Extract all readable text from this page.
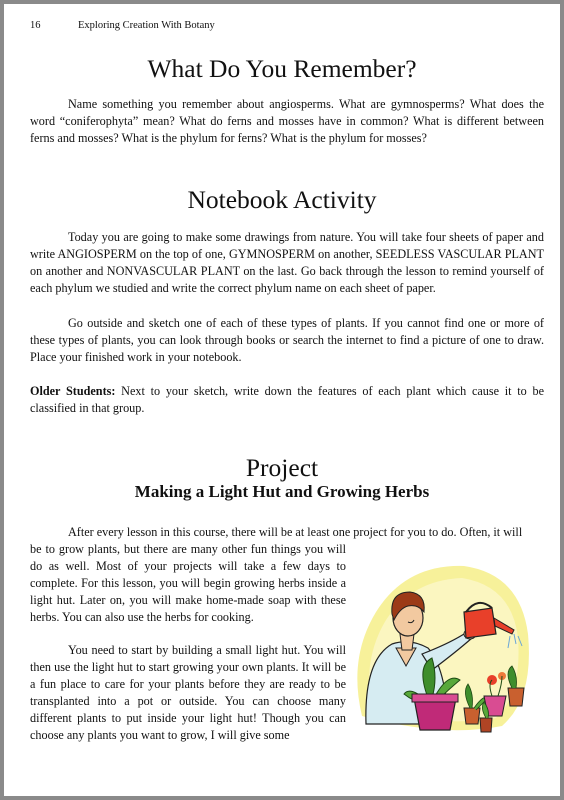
16	Exploring Creation With Botany
What Do You Remember?

Name something you remember about angiosperms. What are gymnosperms? What does the word “coniferophyta” mean? What do ferns and mosses have in common? What is different between ferns and mosses? What is the phylum for ferns? What is the phylum for mosses?

Notebook Activity

Today you are going to make some drawings from nature. You will take four sheets of paper and write ANGIOSPERM on the top of one, GYMNOSPERM on another, SEEDLESS VASCULAR PLANT on another and NONVASCULAR PLANT on the last. Go back through the lesson to remind yourself of each phylum we studied and write the correct phylum name on each sheet of paper.

Go outside and sketch one of each of these types of plants. If you cannot find one or more of these types of plants, you can look through books or search the internet to find a picture of one to draw. Place your finished work in your notebook.

Older Students: Next to your sketch, write down the features of each plant which cause it to be classified in that group.

Project
Making a Light Hut and Growing Herbs

After every lesson in this course, there will be at least one project for you to do. Often, it will

be to grow plants, but there are many other fun things you will do as well. Most of your projects will take a few days to complete. For this lesson, you will begin growing herbs inside a light hut. Later on, you will make home-made soap with these herbs. You can also use the herbs for cooking.

You need to start by building a small light hut. You will then use the light hut to start growing your own plants. It will be a fun place to care for your plants before they are ready to be transplanted into a pot or outside. You can choose many different plants to put inside your light hut! Though you can choose any plants you want to grow, I will give some
